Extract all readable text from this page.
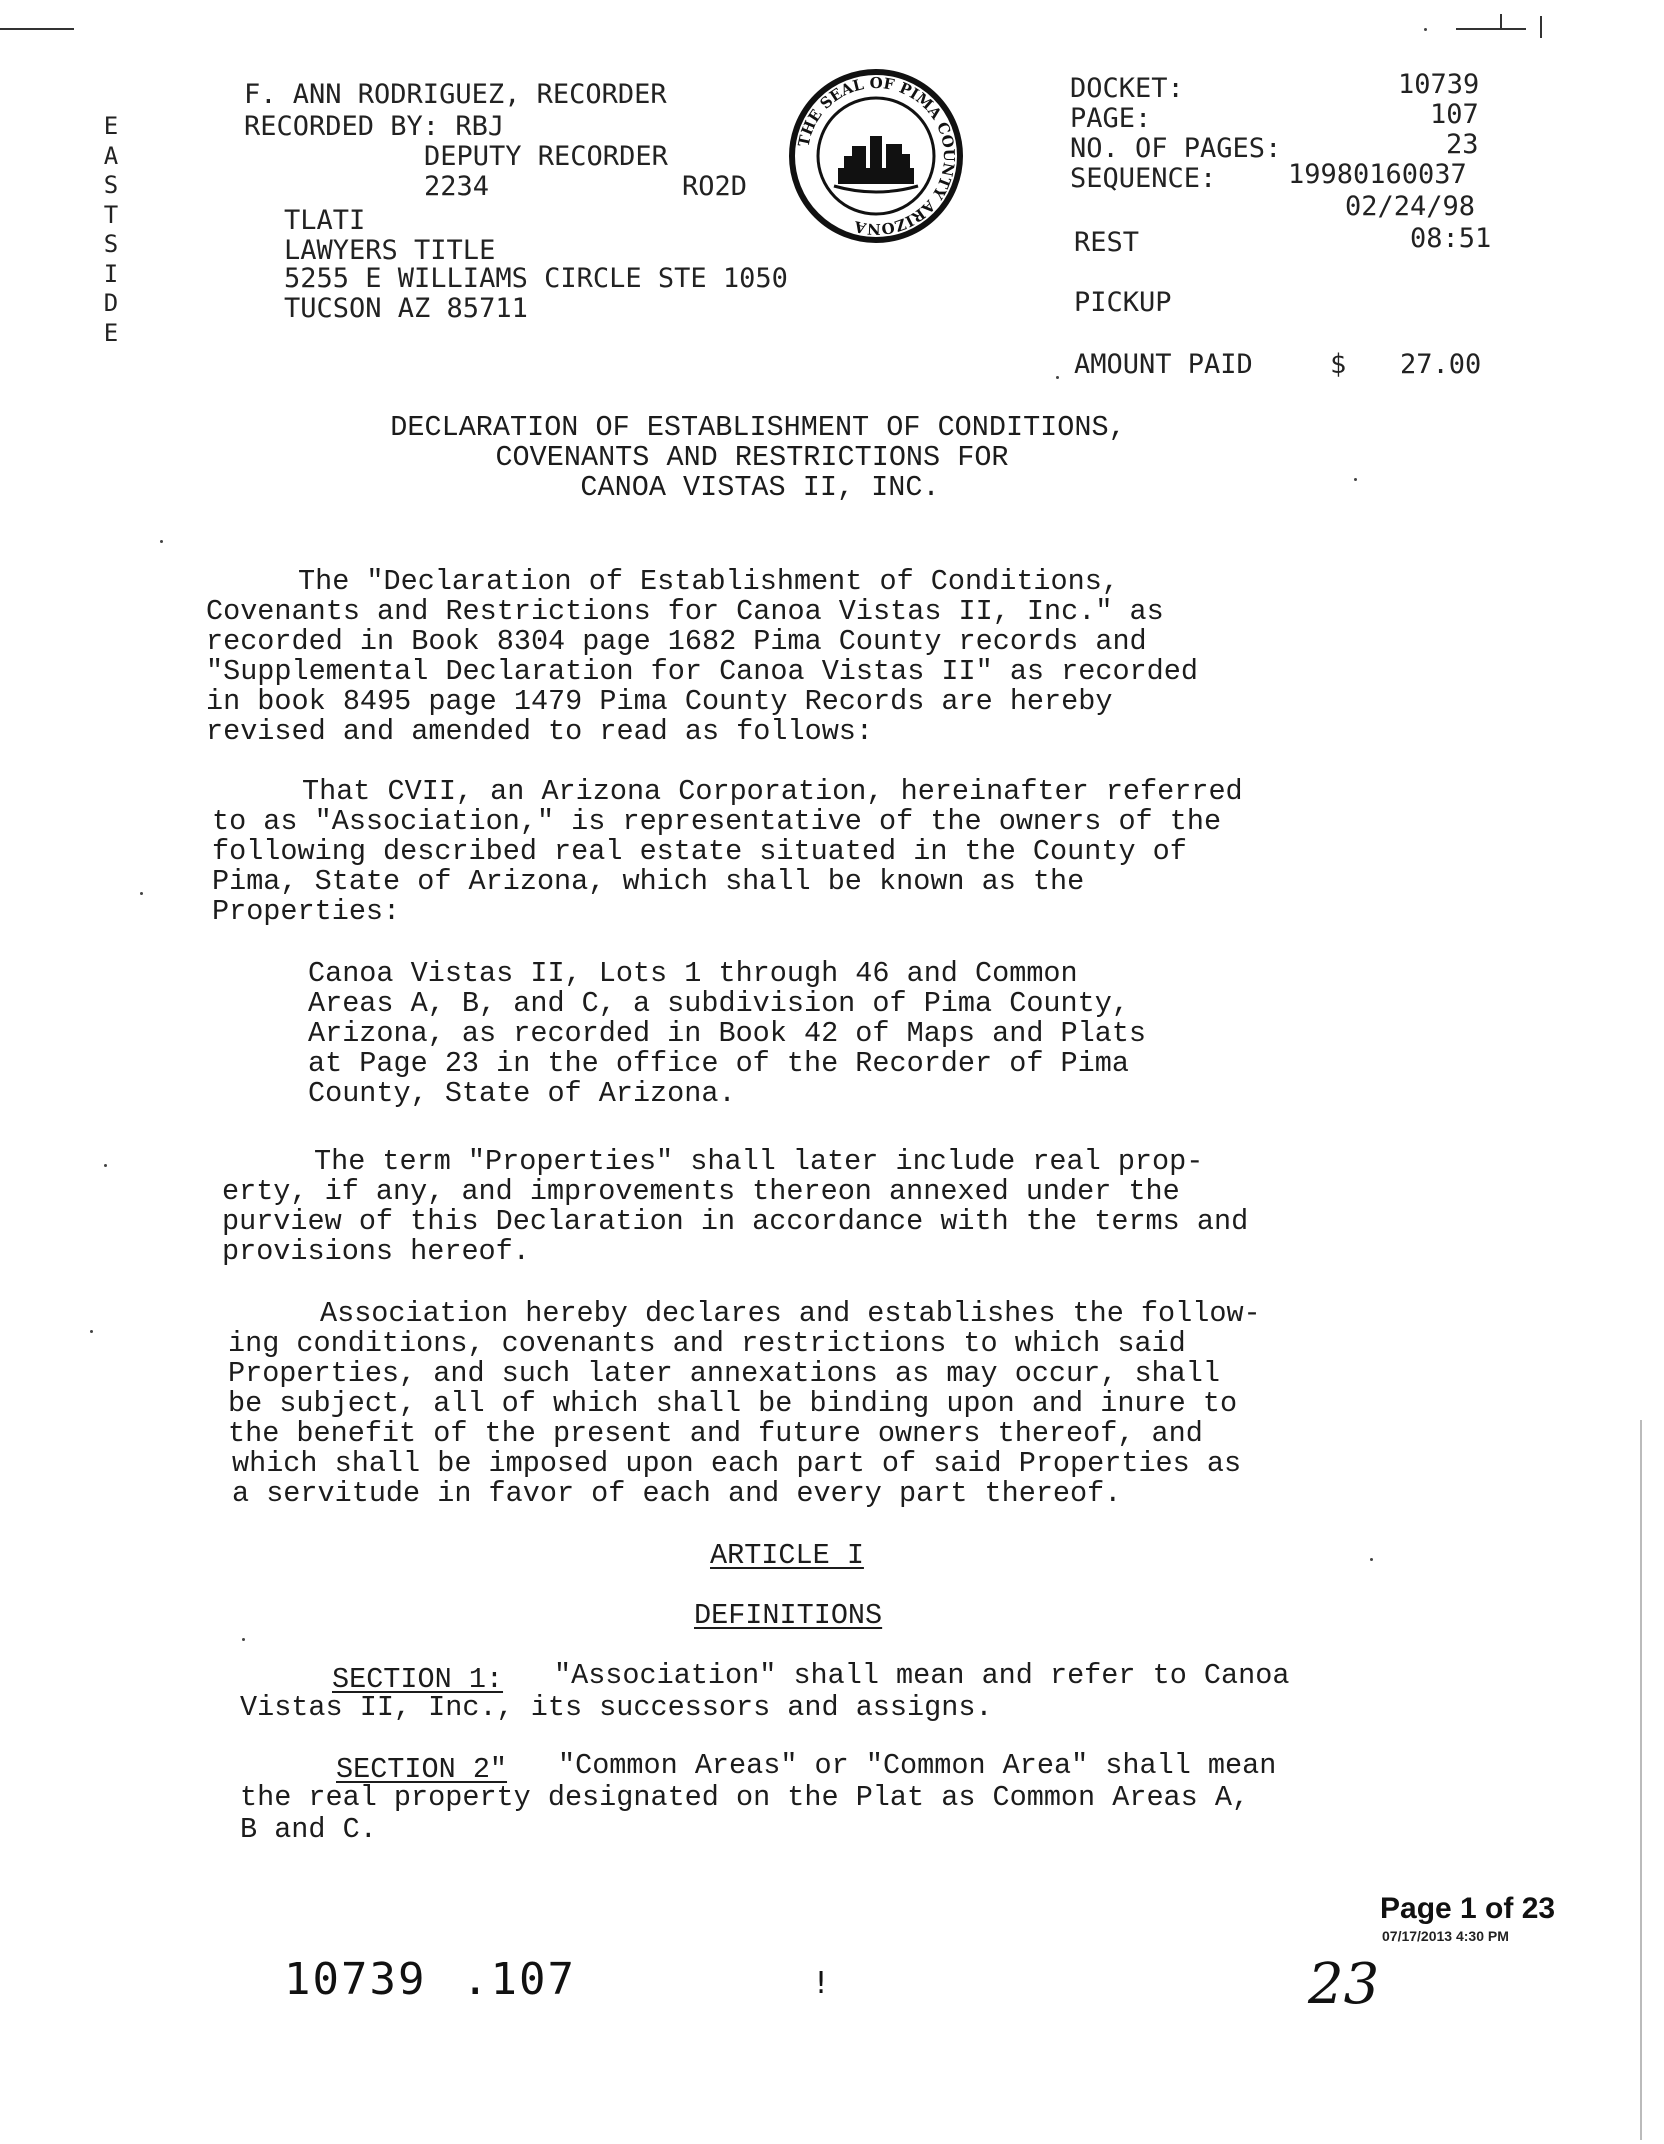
E
A
S
T
S
I
D
E
F. ANN RODRIGUEZ, RECORDER
RECORDED BY: RBJ
DEPUTY RECORDER
2234	RO2D
TLATI
LAWYERS TITLE
5255 E WILLIAMS CIRCLE STE 1050
TUCSON AZ 85711
THE SEAL OF PIMA COUNTY ARIZONA
DOCKET:	10739
PAGE:	107
NO. OF PAGES:	23
SEQUENCE:	19980160037
02/24/98
REST	08:51
PICKUP
AMOUNT PAID	$ 27.00
DECLARATION OF ESTABLISHMENT OF CONDITIONS,
COVENANTS AND RESTRICTIONS FOR
CANOA VISTAS II, INC.
The "Declaration of Establishment of Conditions,
Covenants and Restrictions for Canoa Vistas II, Inc." as
recorded in Book 8304 page 1682 Pima County records and
"Supplemental Declaration for Canoa Vistas II" as recorded
in book 8495 page 1479 Pima County Records are hereby
revised and amended to read as follows:
That CVII, an Arizona Corporation, hereinafter referred
to as "Association," is representative of the owners of the
following described real estate situated in the County of
Pima, State of Arizona, which shall be known as the
Properties:
Canoa Vistas II, Lots 1 through 46 and Common
Areas A, B, and C, a subdivision of Pima County,
Arizona, as recorded in Book 42 of Maps and Plats
at Page 23 in the office of the Recorder of Pima
County, State of Arizona.
The term "Properties" shall later include real prop-
erty, if any, and improvements thereon annexed under the
purview of this Declaration in accordance with the terms and
provisions hereof.
Association hereby declares and establishes the follow-
ing conditions, covenants and restrictions to which said
Properties, and such later annexations as may occur, shall
be subject, all of which shall be binding upon and inure to
the benefit of the present and future owners thereof, and
which shall be imposed upon each part of said Properties as
a servitude in favor of each and every part thereof.
ARTICLE I
DEFINITIONS
SECTION 1: "Association" shall mean and refer to Canoa
Vistas II, Inc., its successors and assigns.
SECTION 2" "Common Areas" or "Common Area" shall mean
the real property designated on the Plat as Common Areas A,
B and C.
Page 1 of 23
07/17/2013 4:30 PM
10739 .107	!	23
